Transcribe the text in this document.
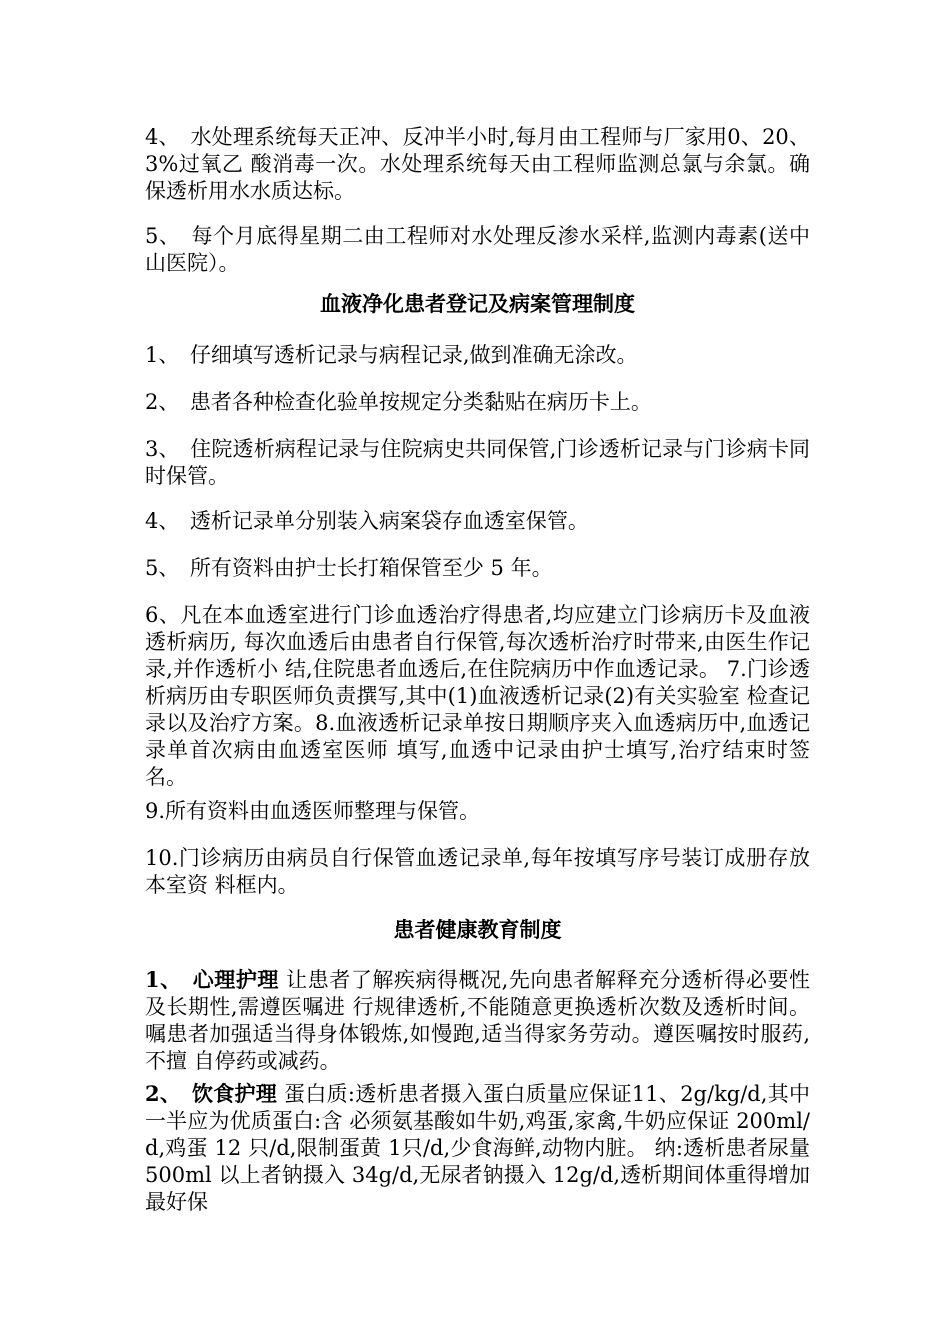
4、　水处理系统每天正冲、反冲半小时,每月由工程师与厂家用0、20、3%过氧乙 酸消毒一次。水处理系统每天由工程师监测总氯与余氯。确保透析用水水质达标。

5、　每个月底得星期二由工程师对水处理反渗水采样,监测内毒素(送中山医院）。

血液净化患者登记及病案管理制度

1、　仔细填写透析记录与病程记录,做到准确无涂改。

2、　患者各种检查化验单按规定分类黏贴在病历卡上。

3、　住院透析病程记录与住院病史共同保管,门诊透析记录与门诊病卡同时保管。

4、　透析记录单分别装入病案袋存血透室保管。

5、　所有资料由护士长打箱保管至少 5 年。

6、凡在本血透室进行门诊血透治疗得患者,均应建立门诊病历卡及血液透析病历, 每次血透后由患者自行保管,每次透析治疗时带来,由医生作记录,并作透析小 结,住院患者血透后,在住院病历中作血透记录。 7.门诊透析病历由专职医师负责撰写,其中(1)血液透析记录(2)有关实验室 检查记录以及治疗方案。8.血液透析记录单按日期顺序夹入血透病历中,血透记录单首次病由血透室医师 填写,血透中记录由护士填写,治疗结束时签名。

9.所有资料由血透医师整理与保管。

10.门诊病历由病员自行保管血透记录单,每年按填写序号装订成册存放本室资 料框内。

患者健康教育制度

1、　心理护理 让患者了解疾病得概况,先向患者解释充分透析得必要性及长期性,需遵医嘱进 行规律透析,不能随意更换透析次数及透析时间。 嘱患者加强适当得身体锻炼,如慢跑,适当得家务劳动。遵医嘱按时服药,不擅 自停药或减药。

2、　饮食护理 蛋白质:透析患者摄入蛋白质量应保证11、2g/kg/d,其中一半应为优质蛋白:含 必须氨基酸如牛奶,鸡蛋,家禽,牛奶应保证 200ml/d,鸡蛋 12 只/d,限制蛋黄 1只/d,少食海鲜,动物内脏。 纳:透析患者尿量 500ml 以上者钠摄入 34g/d,无尿者钠摄入 12g/d,透析期间体重得增加最好保
